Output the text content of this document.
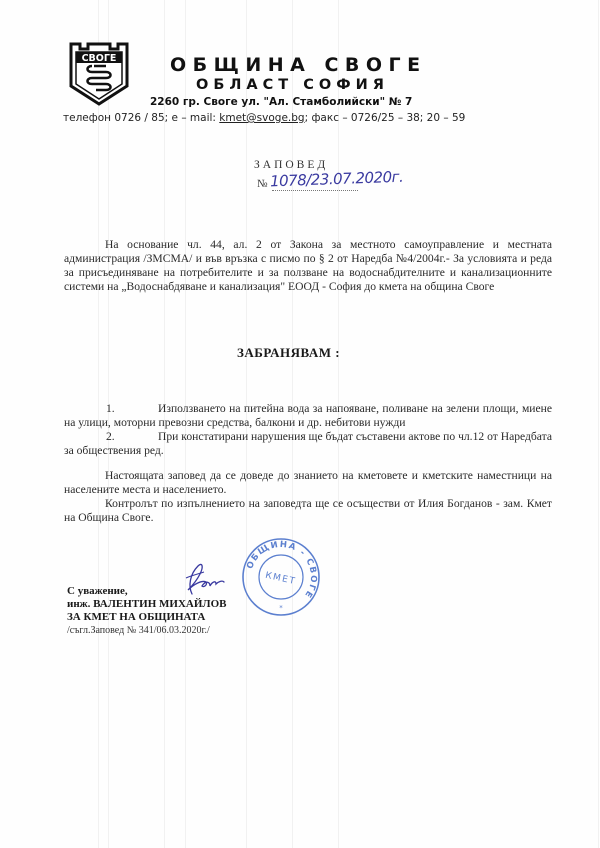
СВОГЕ	ОБЩИНА СВОГЕ
ОБЛАСТ СОФИЯ
2260 гр. Своге ул. "Ал. Стамболийски" № 7
телефон 0726 / 85; е – mail: kmet@svoge.bg; факс – 0726/25 – 38; 20 – 59
ЗАПОВЕД
№ 1078/23.07.2020г.
На основание чл. 44, ал. 2 от Закона за местното самоуправление и местната администрация /ЗМСМА/ и във връзка с писмо по § 2 от Наредба №4/2004г.- За условията и реда за присъединяване на потребителите и за ползване на водоснабдителните и канализационните системи на „Водоснабдяване и канализация" ЕООД - София до кмета на община Своге
ЗАБРАНЯВАМ :
1.	Използването на питейна вода за напояване, поливане на зелени площи, миене на улици, моторни превозни средства, балкони и др. небитови нужди
2.	При констатирани нарушения ще бъдат съставени актове по чл.12 от Наредбата за обществения ред.
Настоящата заповед да се доведе до знанието на кметовете и кметските наместници на населените места и населението.
Контролът по изпълнението на заповедта ще се осъществи от Илия Богданов - зам. Кмет на Община Своге.
ОБЩИНА - СВОГЕ
КМЕТ
*
С уважение,
инж. ВАЛЕНТИН МИХАЙЛОВ
ЗА КМЕТ НА ОБЩИНАТА
/съгл.Заповед № 341/06.03.2020г./
